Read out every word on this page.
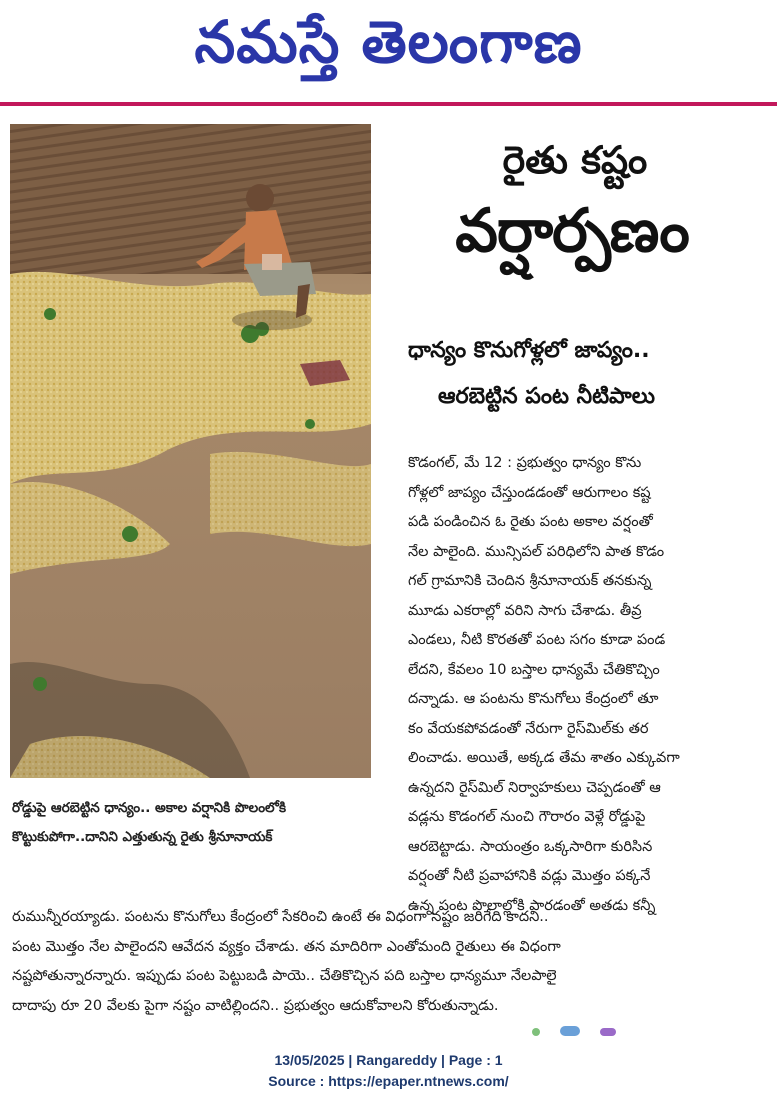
నమస్తే తెలంగాణ
రోడ్డుపై ఆరబెట్టిన ధాన్యం.. అకాల వర్షానికి పొలంలోకి
కొట్టుకుపోగా..దానిని ఎత్తుతున్న రైతు శ్రీనూనాయక్
రైతు కష్టం
వర్షార్పణం
ధాన్యం కొనుగోళ్లలో జాప్యం..
ఆరబెట్టిన పంట నీటిపాలు
కొడంగల్, మే 12 : ప్రభుత్వం ధాన్యం కొను
గోళ్లలో జాప్యం చేస్తుండడంతో ఆరుగాలం కష్ట
పడి పండించిన ఓ రైతు పంట అకాల వర్షంతో
నేల పాలైంది. మున్సిపల్ పరిధిలోని పాత కొడం
గల్ గ్రామానికి చెందిన శ్రీనూనాయక్ తనకున్న
మూడు ఎకరాల్లో వరిని సాగు చేశాడు. తీవ్ర
ఎండలు, నీటి కొరతతో పంట సగం కూడా పండ
లేదని, కేవలం 10 బస్తాల ధాన్యమే చేతికొచ్చిం
దన్నాడు. ఆ పంటను కొనుగోలు కేంద్రంలో తూ
కం వేయకపోవడంతో నేరుగా రైస్‌మిల్‌కు తర
లించాడు. అయితే, అక్కడ తేమ శాతం ఎక్కువగా
ఉన్నదని రైస్‌మిల్ నిర్వాహకులు చెప్పడంతో ఆ
వడ్లను కొడంగల్ నుంచి గౌరారం వెళ్లే రోడ్డుపై
ఆరబెట్టాడు. సాయంత్రం ఒక్కసారిగా కురిసిన
వర్షంతో నీటి ప్రవాహానికి వడ్లు మొత్తం పక్కనే
ఉన్న పంట పొలాల్లోకి పారడంతో అతడు కన్నీ
రుమున్నీరయ్యాడు. పంటను కొనుగోలు కేంద్రంలో సేకరించి ఉంటే ఈ విధంగా నష్టం జరిగేది కాదని..
పంట మొత్తం నేల పాలైందని ఆవేదన వ్యక్తం చేశాడు. తన మాదిరిగా ఎంతోమంది రైతులు ఈ విధంగా
నష్టపోతున్నారన్నారు. ఇప్పుడు పంట పెట్టుబడి పాయె.. చేతికొచ్చిన పది బస్తాల ధాన్యమూ నేలపాలై
దాదాపు రూ 20 వేలకు పైగా నష్టం వాటిల్లిందని.. ప్రభుత్వం ఆదుకోవాలని కోరుతున్నాడు.
13/05/2025 | Rangareddy | Page : 1
Source : https://epaper.ntnews.com/
